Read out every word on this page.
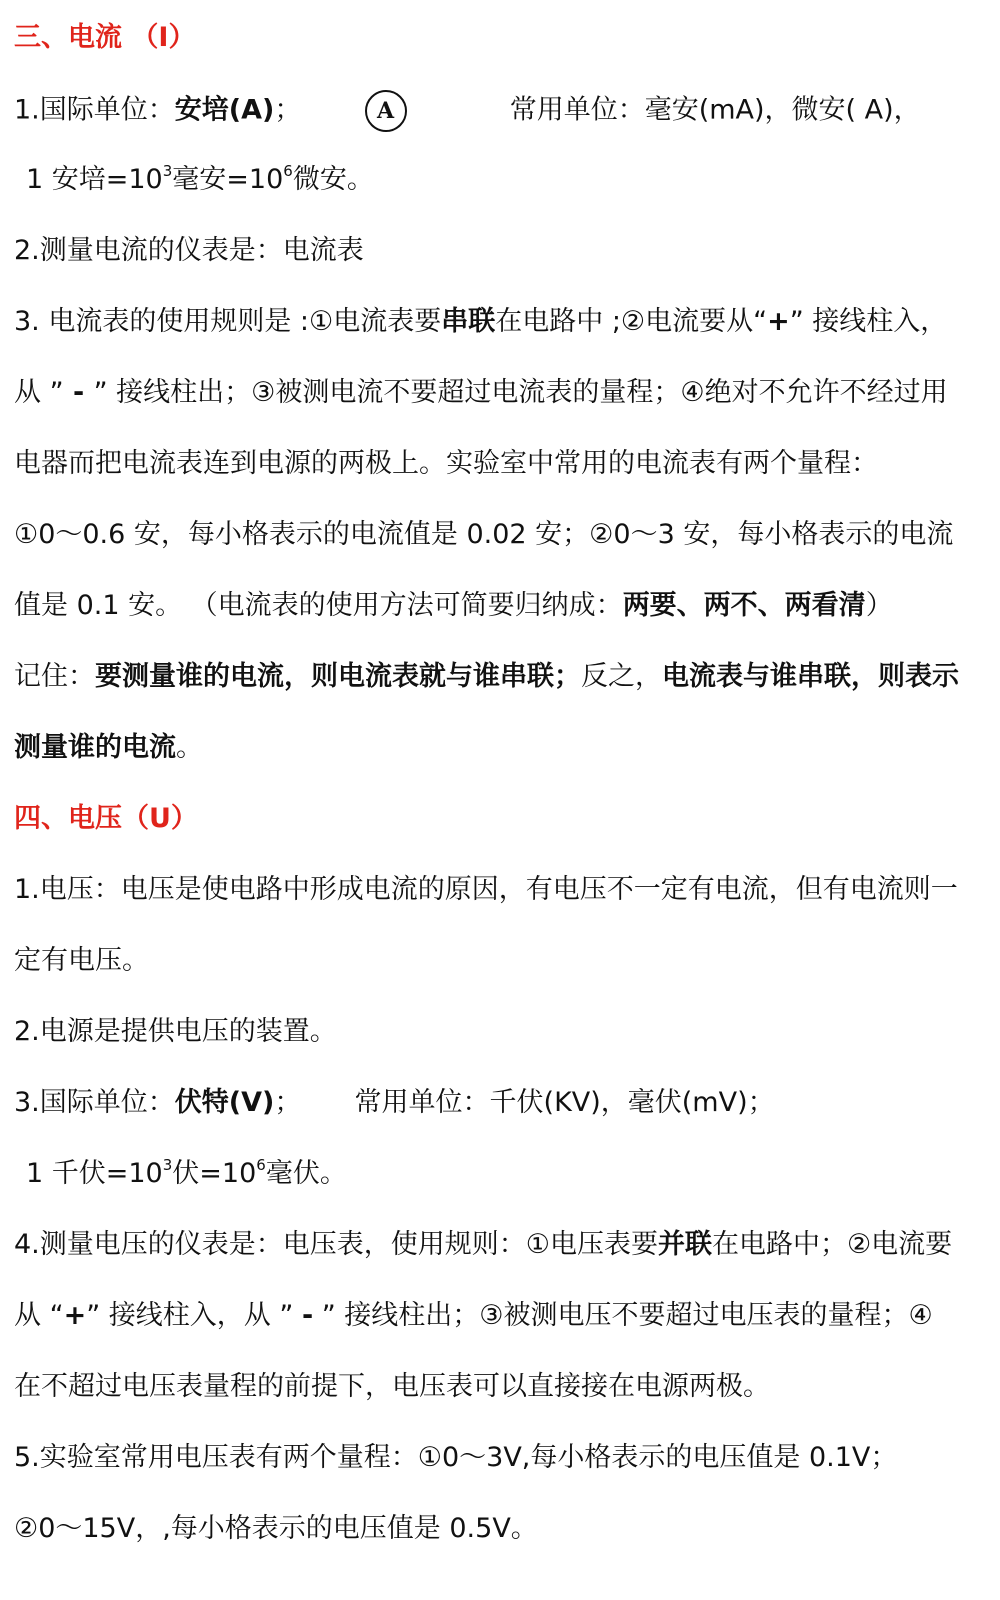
三、电流 （I）
1.国际单位：安培(A)；	A	常用单位：毫安(mA)，微安( A)，
1 安培$=10^3$毫安$=10^6$微安。
2.测量电流的仪表是：电流表
3. 电流表的使用规则是 :①电流表要串联在电路中 ;②电流要从“+” 接线柱入，
从 ” - ” 接线柱出；③被测电流不要超过电流表的量程；④绝对不允许不经过用
电器而把电流表连到电源的两极上。实验室中常用的电流表有两个量程：
①0～0.6 安，每小格表示的电流值是 0.02 安；②0～3 安，每小格表示的电流
值是 0.1 安。 （电流表的使用方法可简要归纳成：两要、两不、两看清）
记住：要测量谁的电流，则电流表就与谁串联；反之，电流表与谁串联，则表示
测量谁的电流。
四、电压（U）
1.电压：电压是使电路中形成电流的原因，有电压不一定有电流，但有电流则一
定有电压。
2.电源是提供电压的装置。
3.国际单位：伏特(V)； 常用单位：千伏(KV)，毫伏(mV)；
1 千伏$=10^3$伏$=10^6$毫伏。
4.测量电压的仪表是：电压表，使用规则：①电压表要并联在电路中；②电流要
从 “+” 接线柱入，从 ” - ” 接线柱出；③被测电压不要超过电压表的量程；④
在不超过电压表量程的前提下，电压表可以直接接在电源两极。
5.实验室常用电压表有两个量程：①0～3V,每小格表示的电压值是 0.1V；
②0～15V，,每小格表示的电压值是 0.5V。
